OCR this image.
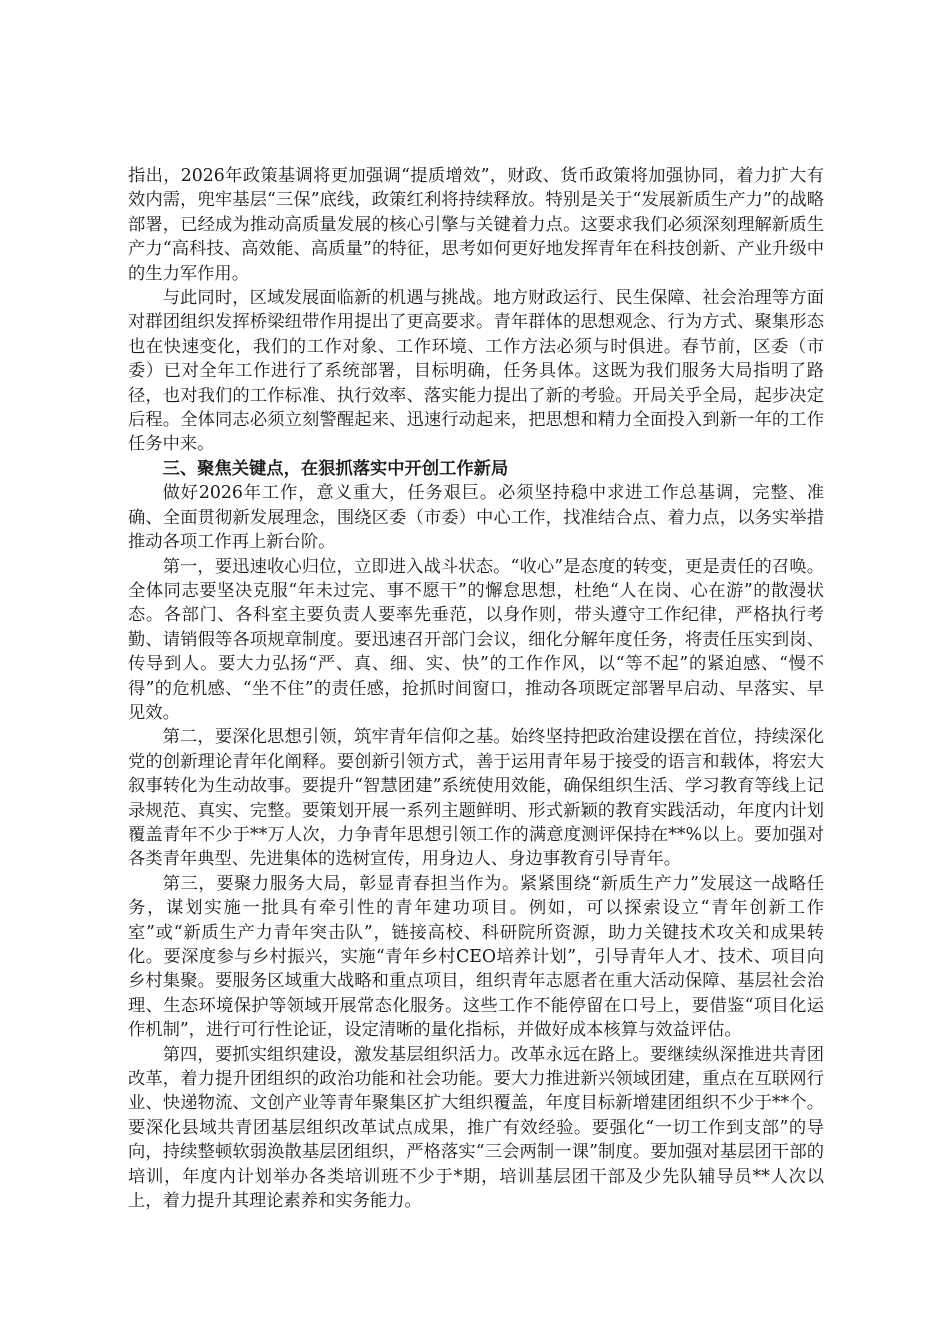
指出，2026年政策基调将更加强调“提质增效”，财政、货币政策将加强协同，着力扩大有效内需，兜牢基层“三保”底线，政策红利将持续释放。特别是关于“发展新质生产力”的战略部署，已经成为推动高质量发展的核心引擎与关键着力点。这要求我们必须深刻理解新质生产力“高科技、高效能、高质量”的特征，思考如何更好地发挥青年在科技创新、产业升级中的生力军作用。

与此同时，区域发展面临新的机遇与挑战。地方财政运行、民生保障、社会治理等方面对群团组织发挥桥梁纽带作用提出了更高要求。青年群体的思想观念、行为方式、聚集形态也在快速变化，我们的工作对象、工作环境、工作方法必须与时俱进。春节前，区委（市委）已对全年工作进行了系统部署，目标明确，任务具体。这既为我们服务大局指明了路径，也对我们的工作标准、执行效率、落实能力提出了新的考验。开局关乎全局，起步决定后程。全体同志必须立刻警醒起来、迅速行动起来，把思想和精力全面投入到新一年的工作任务中来。

三、聚焦关键点，在狠抓落实中开创工作新局

做好2026年工作，意义重大，任务艰巨。必须坚持稳中求进工作总基调，完整、准确、全面贯彻新发展理念，围绕区委（市委）中心工作，找准结合点、着力点，以务实举措推动各项工作再上新台阶。

第一，要迅速收心归位，立即进入战斗状态。“收心”是态度的转变，更是责任的召唤。全体同志要坚决克服“年未过完、事不愿干”的懈怠思想，杜绝“人在岗、心在游”的散漫状态。各部门、各科室主要负责人要率先垂范，以身作则，带头遵守工作纪律，严格执行考勤、请销假等各项规章制度。要迅速召开部门会议，细化分解年度任务，将责任压实到岗、传导到人。要大力弘扬“严、真、细、实、快”的工作作风，以“等不起”的紧迫感、“慢不得”的危机感、“坐不住”的责任感，抢抓时间窗口，推动各项既定部署早启动、早落实、早见效。

第二，要深化思想引领，筑牢青年信仰之基。始终坚持把政治建设摆在首位，持续深化党的创新理论青年化阐释。要创新引领方式，善于运用青年易于接受的语言和载体，将宏大叙事转化为生动故事。要提升“智慧团建”系统使用效能，确保组织生活、学习教育等线上记录规范、真实、完整。要策划开展一系列主题鲜明、形式新颖的教育实践活动，年度内计划覆盖青年不少于**万人次，力争青年思想引领工作的满意度测评保持在**%以上。要加强对各类青年典型、先进集体的选树宣传，用身边人、身边事教育引导青年。

第三，要聚力服务大局，彰显青春担当作为。紧紧围绕“新质生产力”发展这一战略任务，谋划实施一批具有牵引性的青年建功项目。例如，可以探索设立“青年创新工作室”或“新质生产力青年突击队”，链接高校、科研院所资源，助力关键技术攻关和成果转化。要深度参与乡村振兴，实施“青年乡村CEO培养计划”，引导青年人才、技术、项目向乡村集聚。要服务区域重大战略和重点项目，组织青年志愿者在重大活动保障、基层社会治理、生态环境保护等领域开展常态化服务。这些工作不能停留在口号上，要借鉴“项目化运作机制”，进行可行性论证，设定清晰的量化指标，并做好成本核算与效益评估。

第四，要抓实组织建设，激发基层组织活力。改革永远在路上。要继续纵深推进共青团改革，着力提升团组织的政治功能和社会功能。要大力推进新兴领域团建，重点在互联网行业、快递物流、文创产业等青年聚集区扩大组织覆盖，年度目标新增建团组织不少于**个。要深化县域共青团基层组织改革试点成果，推广有效经验。要强化“一切工作到支部”的导向，持续整顿软弱涣散基层团组织，严格落实“三会两制一课”制度。要加强对基层团干部的培训，年度内计划举办各类培训班不少于*期，培训基层团干部及少先队辅导员**人次以上，着力提升其理论素养和实务能力。
